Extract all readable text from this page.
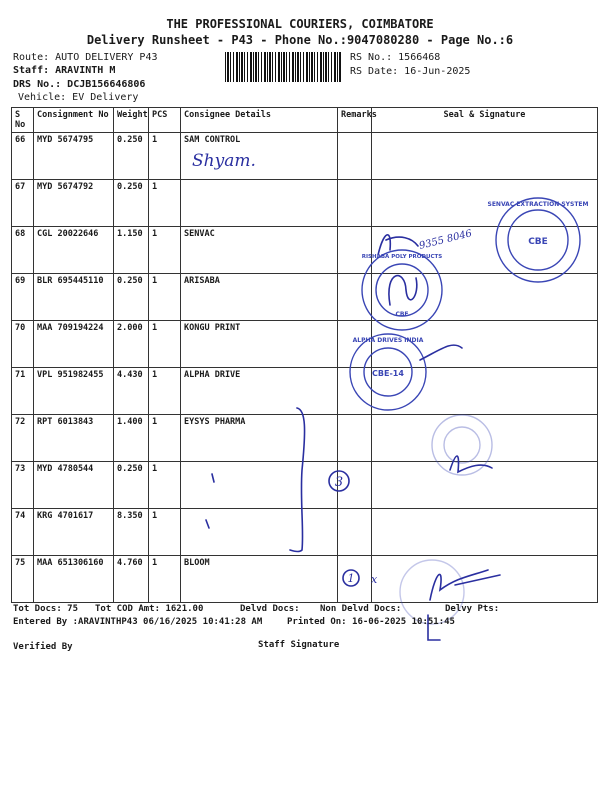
THE PROFESSIONAL COURIERS, COIMBATORE
Delivery Runsheet - P43 - Phone No.:9047080280 - Page No.:6
Route: AUTO DELIVERY P43
Staff: ARAVINTH M
DRS No.: DCJB156646806
Vehicle: EV Delivery
RS No.: 1566468
RS Date: 16-Jun-2025
S No	Consignment No	Weight	PCS	Consignee Details	Remarks	Seal & Signature
66	MYD 5674795	0.250	1	SAM CONTROL		
67	MYD 5674792	0.250	1			
68	CGL 20022646	1.150	1	SENVAC		
69	BLR 695445110	0.250	1	ARISABA		
70	MAA 709194224	2.000	1	KONGU PRINT		
71	VPL 951982455	4.430	1	ALPHA DRIVE		
72	RPT 6013843	1.400	1	EYSYS PHARMA		
73	MYD 4780544	0.250	1			
74	KRG 4701617	8.350	1			
75	MAA 651306160	4.760	1	BLOOM		
Shyam.
9355 8046	CBE
SENVAC EXTRACTION SYSTEM
CBE
RISHABA POLY PRODUCTS
CBE-14
ALPHA DRIVES INDIA
3
1 x
Tot Docs: 75 Tot COD Amt: 1621.00	Delvd Docs: Non Delvd Docs:	Delvy Pts:
Entered By :ARAVINTHP43 06/16/2025 10:41:28 AM	Printed On: 16-06-2025 10:51:45
Verified By	Staff Signature
